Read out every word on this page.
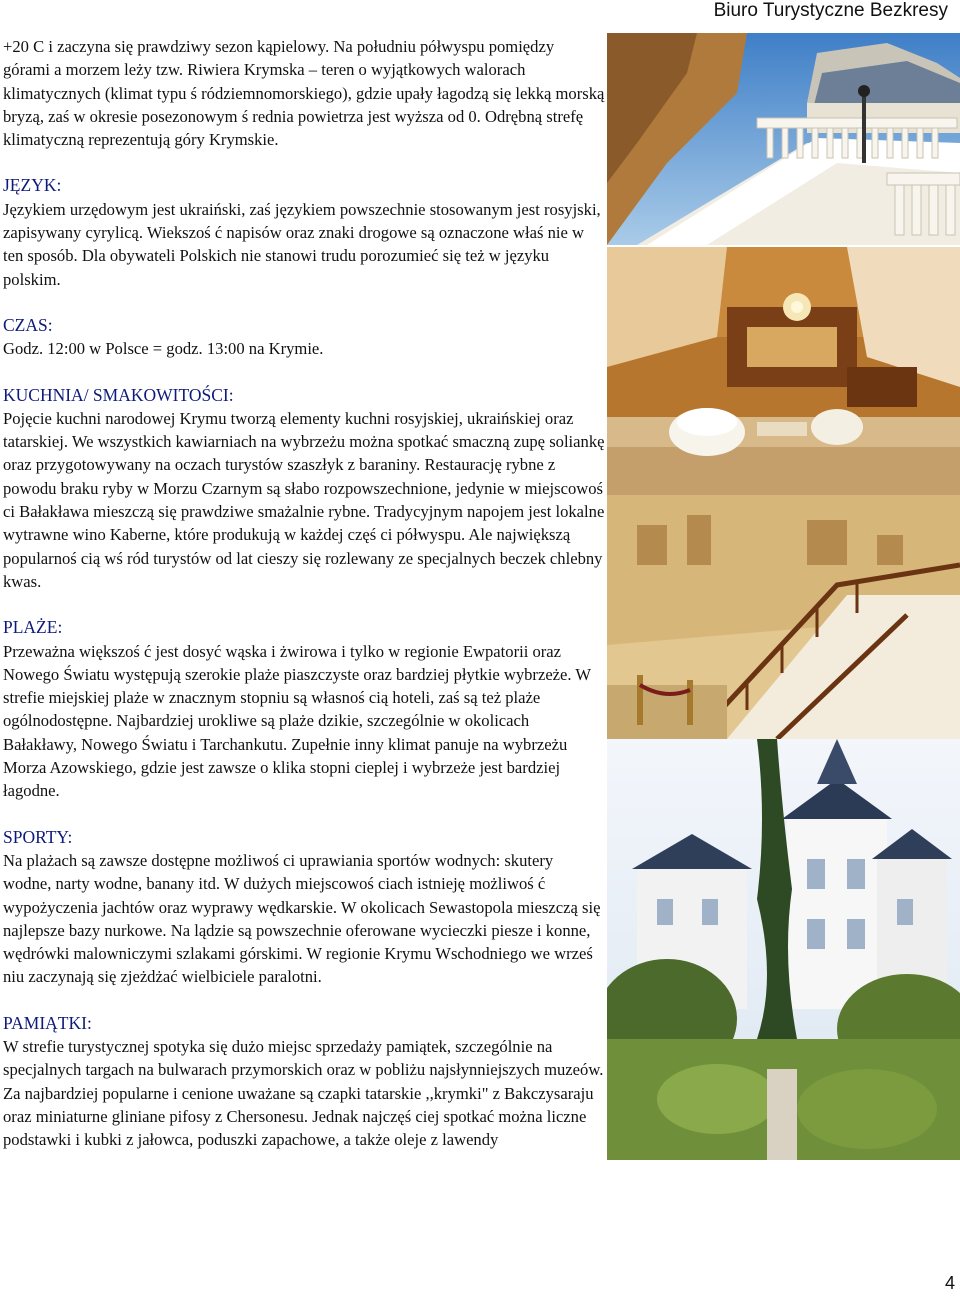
Biuro Turystyczne Bezkresy

+20 C i zaczyna się prawdziwy sezon kąpielowy. Na południu półwyspu pomiędzy górami a morzem leży tzw. Riwiera Krymska – teren o wyjątkowych walorach klimatycznych (klimat typu ś ródziemnomorskiego), gdzie upały łagodzą się lekką morską bryzą, zaś w okresie posezonowym ś rednia powietrza jest wyższa od 0. Odrębną strefę klimatyczną reprezentują góry Krymskie.

JĘZYK:

Językiem urzędowym jest ukraiński, zaś językiem powszechnie stosowanym jest rosyjski, zapisywany cyrylicą. Wiekszoś ć napisów oraz znaki drogowe są oznaczone właś nie w ten sposób. Dla obywateli Polskich nie stanowi trudu porozumieć się też w języku polskim.

CZAS:

Godz. 12:00 w Polsce = godz. 13:00 na Krymie.

KUCHNIA/ SMAKOWITOŚCI:

Pojęcie kuchni narodowej Krymu tworzą elementy kuchni rosyjskiej, ukraińskiej oraz tatarskiej. We wszystkich kawiarniach na wybrzeżu można spotkać smaczną zupę soliankę oraz przygotowywany na oczach turystów szaszłyk z baraniny. Restaurację rybne z powodu braku ryby w Morzu Czarnym są słabo rozpowszechnione, jedynie w miejscowoś ci Bałakława mieszczą się prawdziwe smażalnie rybne. Tradycyjnym napojem jest lokalne wytrawne wino Kaberne, które produkują w każdej częś ci półwyspu. Ale największą popularnoś cią wś ród turystów od lat cieszy się rozlewany ze specjalnych beczek chlebny kwas.

PLAŻE:

Przeważna większoś ć jest dosyć wąska i żwirowa i tylko w regionie Ewpatorii oraz Nowego Światu występują szerokie plaże piaszczyste oraz bardziej płytkie wybrzeże. W strefie miejskiej plaże w znacznym stopniu są własnoś cią hoteli, zaś są też plaże ogólnodostępne. Najbardziej urokliwe są plaże dzikie, szczególnie w okolicach Bałakławy, Nowego Światu i Tarchankutu. Zupełnie inny klimat panuje na wybrzeżu Morza Azowskiego, gdzie jest zawsze o klika stopni cieplej i wybrzeże jest bardziej łagodne.

SPORTY:

Na plażach są zawsze dostępne możliwoś ci uprawiania sportów wodnych: skutery wodne, narty wodne, banany itd. W dużych miejscowoś ciach istnieję możliwoś ć wypożyczenia jachtów oraz wyprawy wędkarskie. W okolicach Sewastopola mieszczą się najlepsze bazy nurkowe. Na lądzie są powszechnie oferowane wycieczki piesze i konne, wędrówki malowniczymi szlakami górskimi. W regionie Krymu Wschodniego we wrześ niu zaczynają się zjeżdżać wielbiciele paralotni.

PAMIĄTKI:

W strefie turystycznej spotyka się dużo miejsc sprzedaży pamiątek, szczególnie na specjalnych targach na bulwarach przymorskich oraz w pobliżu najsłynniejszych muzeów. Za najbardziej popularne i cenione uważane są czapki tatarskie ,,krymki" z Bakczysaraju oraz miniaturne gliniane pifosy z Chersonesu. Jednak najczęś ciej spotkać można liczne podstawki i kubki z jałowca, poduszki zapachowe, a także oleje z lawendy

4
